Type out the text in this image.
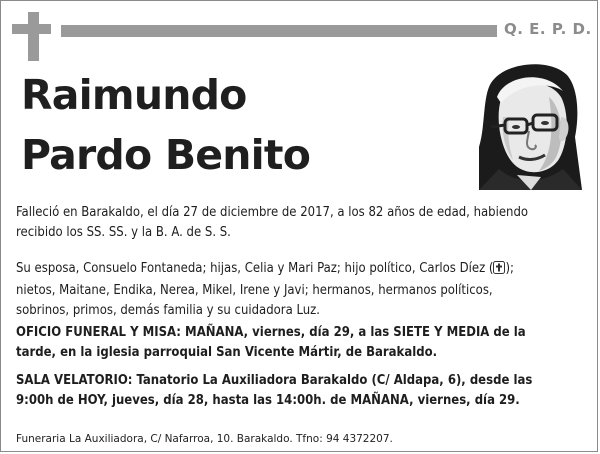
Q. E. P. D.
Raimundo
Pardo Benito
Falleció en Barakaldo, el día 27 de diciembre de 2017, a los 82 años de edad, habiendo
recibido los SS. SS. y la B. A. de S. S.
Su esposa, Consuelo Fontaneda; hijas, Celia y Mari Paz; hijo político, Carlos Díez ( );
nietos, Maitane, Endika, Nerea, Mikel, Irene y Javi; hermanos, hermanos políticos,
sobrinos, primos, demás familia y su cuidadora Luz.
OFICIO FUNERAL Y MISA: MAÑANA, viernes, día 29, a las SIETE Y MEDIA de la
tarde, en la iglesia parroquial San Vicente Mártir, de Barakaldo.
SALA VELATORIO: Tanatorio La Auxiliadora Barakaldo (C/ Aldapa, 6), desde las
9:00h de HOY, jueves, día 28, hasta las 14:00h. de MAÑANA, viernes, día 29.
Funeraria La Auxiliadora, C/ Nafarroa, 10. Barakaldo. Tfno: 94 4372207.
